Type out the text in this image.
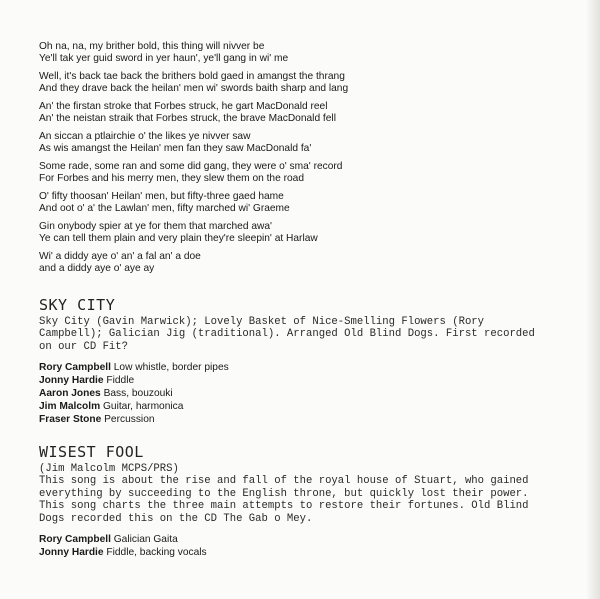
Oh na, na, my brither bold, this thing will nivver be
Ye'll tak yer guid sword in yer haun', ye'll gang in wi' me

Well, it's back tae back the brithers bold gaed in amangst the thrang
And they drave back the heilan' men wi' swords baith sharp and lang

An' the firstan stroke that Forbes struck, he gart MacDonald reel
An' the neistan straik that Forbes struck, the brave MacDonald fell

An siccan a ptlairchie o' the likes ye nivver saw
As wis amangst the Heilan' men fan they saw MacDonald fa'

Some rade, some ran and some did gang, they were o' sma' record
For Forbes and his merry men, they slew them on the road

O' fifty thoosan' Heilan' men, but fifty-three gaed hame
And oot o' a' the Lawlan' men, fifty marched wi' Graeme

Gin onybody spier at ye for them that marched awa'
Ye can tell them plain and very plain they're sleepin' at Harlaw

Wi' a diddy aye o' an' a fal an' a doe
and a diddy aye o' aye ay

SKY CITY

Sky City (Gavin Marwick); Lovely Basket of Nice-Smelling Flowers (Rory
Campbell); Galician Jig (traditional). Arranged Old Blind Dogs. First recorded
on our CD Fit?

Rory Campbell Low whistle, border pipes
Jonny Hardie Fiddle
Aaron Jones Bass, bouzouki
Jim Malcolm Guitar, harmonica
Fraser Stone Percussion
WISEST FOOL

(Jim Malcolm MCPS/PRS)
This song is about the rise and fall of the royal house of Stuart, who gained
everything by succeeding to the English throne, but quickly lost their power.
This song charts the three main attempts to restore their fortunes. Old Blind
Dogs recorded this on the CD The Gab o Mey.

Rory Campbell Galician Gaita
Jonny Hardie Fiddle, backing vocals
